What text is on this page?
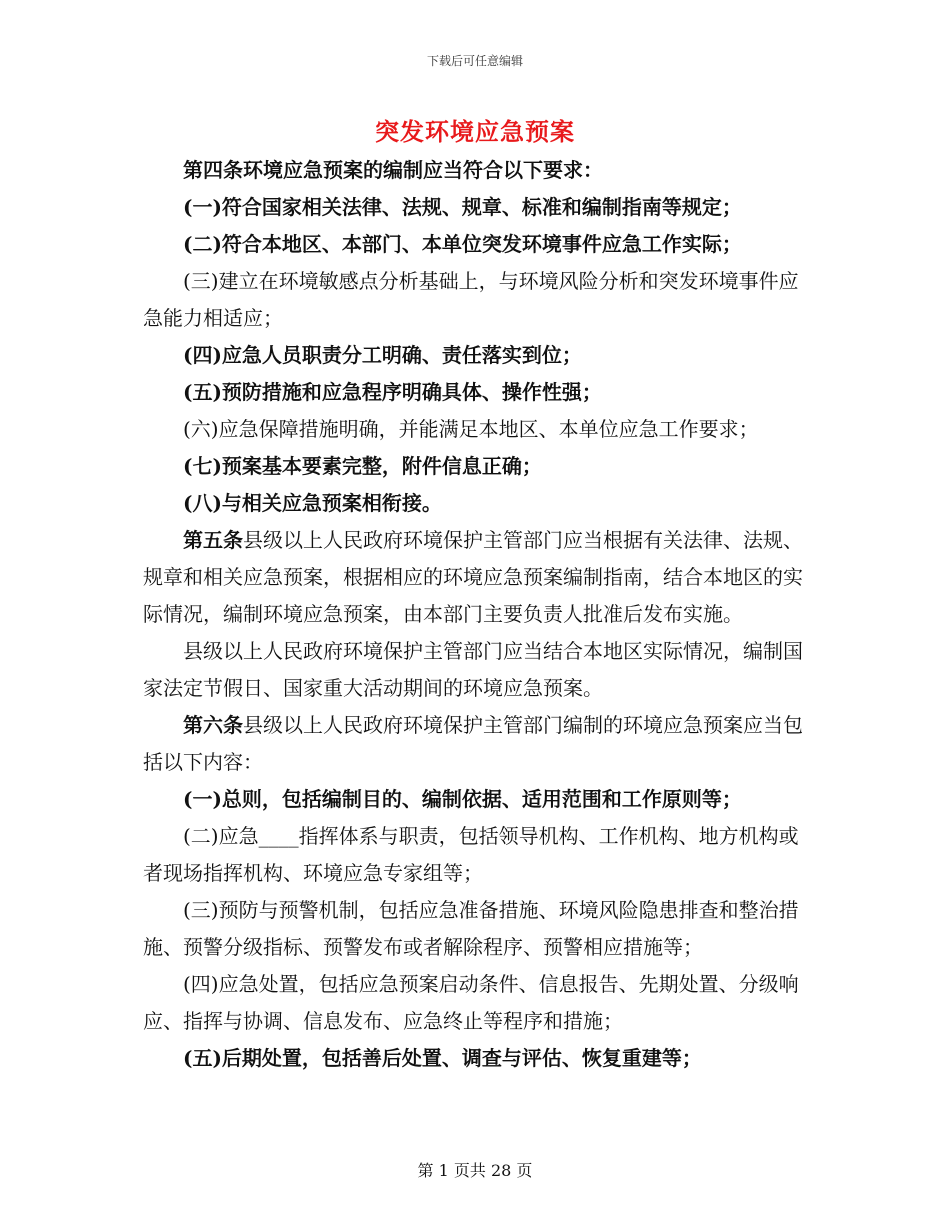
下载后可任意编辑
突发环境应急预案

第四条环境应急预案的编制应当符合以下要求：

(一)符合国家相关法律、法规、规章、标准和编制指南等规定；

(二)符合本地区、本部门、本单位突发环境事件应急工作实际；

(三)建立在环境敏感点分析基础上，与环境风险分析和突发环境事件应急能力相适应；

(四)应急人员职责分工明确、责任落实到位；

(五)预防措施和应急程序明确具体、操作性强；

(六)应急保障措施明确，并能满足本地区、本单位应急工作要求；

(七)预案基本要素完整，附件信息正确；

(八)与相关应急预案相衔接。

第五条县级以上人民政府环境保护主管部门应当根据有关法律、法规、规章和相关应急预案，根据相应的环境应急预案编制指南，结合本地区的实际情况，编制环境应急预案，由本部门主要负责人批准后发布实施。

县级以上人民政府环境保护主管部门应当结合本地区实际情况，编制国家法定节假日、国家重大活动期间的环境应急预案。

第六条县级以上人民政府环境保护主管部门编制的环境应急预案应当包括以下内容：

(一)总则，包括编制目的、编制依据、适用范围和工作原则等；

(二)应急____指挥体系与职责，包括领导机构、工作机构、地方机构或者现场指挥机构、环境应急专家组等；

(三)预防与预警机制，包括应急准备措施、环境风险隐患排查和整治措施、预警分级指标、预警发布或者解除程序、预警相应措施等；

(四)应急处置，包括应急预案启动条件、信息报告、先期处置、分级响应、指挥与协调、信息发布、应急终止等程序和措施；

(五)后期处置，包括善后处置、调查与评估、恢复重建等；

第 1 页共 28 页
